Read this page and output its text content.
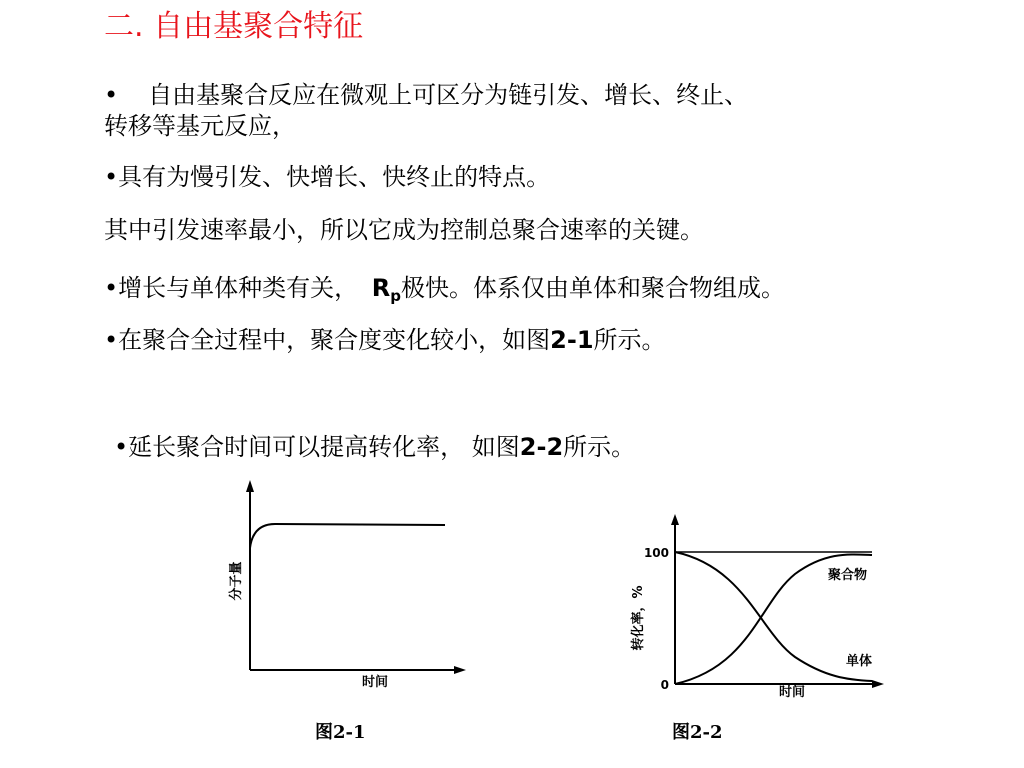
二. 自由基聚合特征
• 自由基聚合反应在微观上可区分为链引发、增长、终止、
转移等基元反应，
•具有为慢引发、快增长、快终止的特点。
其中引发速率最小，所以它成为控制总聚合速率的关键。
•增长与单体种类有关， $R_p$极快。体系仅由单体和聚合物组成。
•在聚合全过程中，聚合度变化较小，如图2-1所示。
•延长聚合时间可以提高转化率， 如图2-2所示。
分子量
时间
100
0
转化率，%
聚合物
单体
时间
图2-1	图2-2
